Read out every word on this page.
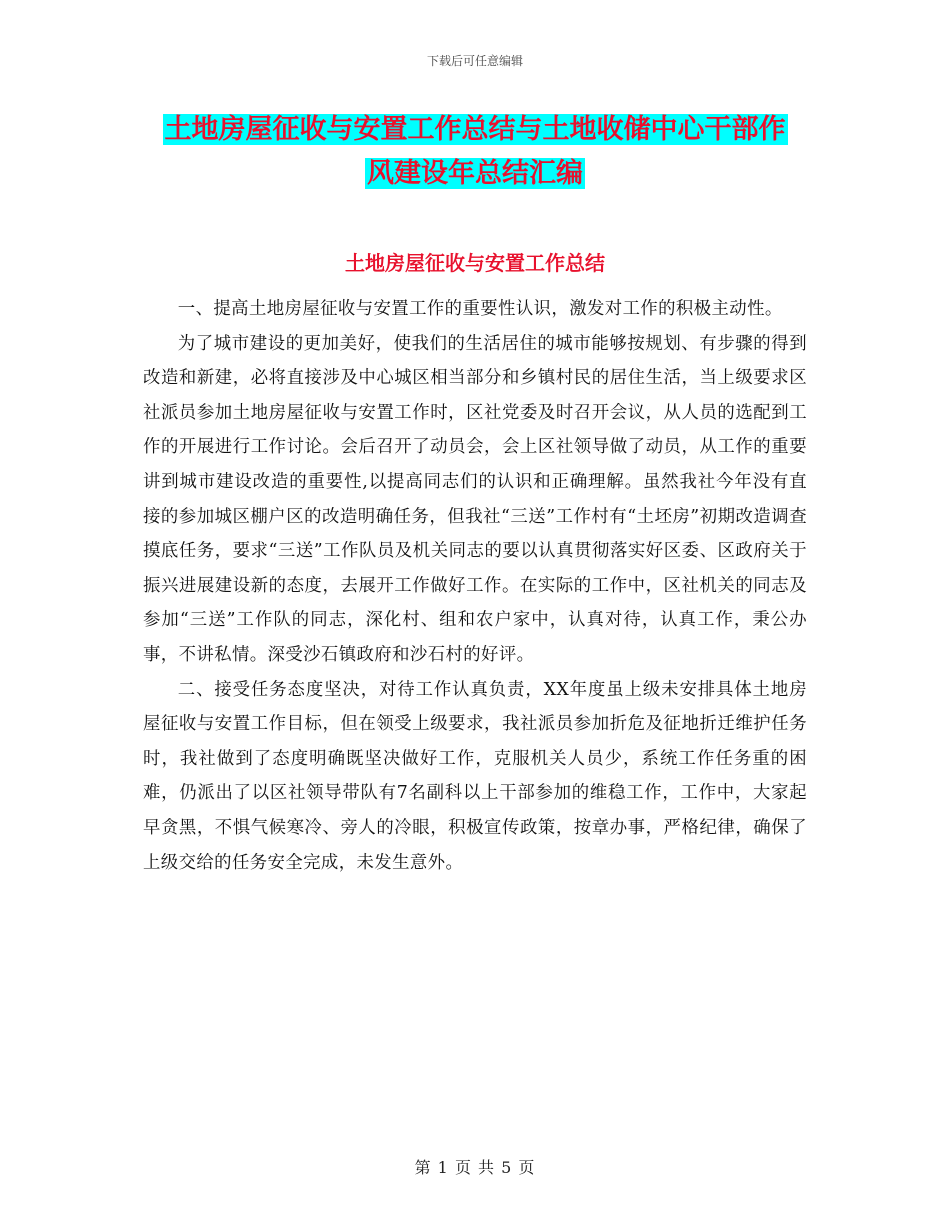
下载后可任意编辑
土地房屋征收与安置工作总结与土地收储中心干部作
风建设年总结汇编
土地房屋征收与安置工作总结

一、提高土地房屋征收与安置工作的重要性认识，激发对工作的积极主动性。

为了城市建设的更加美好，使我们的生活居住的城市能够按规划、有步骤的得到改造和新建，必将直接涉及中心城区相当部分和乡镇村民的居住生活，当上级要求区社派员参加土地房屋征收与安置工作时，区社党委及时召开会议，从人员的选配到工作的开展进行工作讨论。会后召开了动员会，会上区社领导做了动员，从工作的重要讲到城市建设改造的重要性,以提高同志们的认识和正确理解。虽然我社今年没有直接的参加城区棚户区的改造明确任务，但我社“三送”工作村有“土坯房”初期改造调查摸底任务，要求“三送”工作队员及机关同志的要以认真贯彻落实好区委、区政府关于振兴进展建设新的态度，去展开工作做好工作。在实际的工作中，区社机关的同志及参加“三送”工作队的同志，深化村、组和农户家中，认真对待，认真工作，秉公办事，不讲私情。深受沙石镇政府和沙石村的好评。

二、接受任务态度坚决，对待工作认真负责，XX年度虽上级未安排具体土地房屋征收与安置工作目标，但在领受上级要求，我社派员参加折危及征地折迁维护任务时，我社做到了态度明确既坚决做好工作，克服机关人员少，系统工作任务重的困难，仍派出了以区社领导带队有7名副科以上干部参加的维稳工作，工作中，大家起早贪黑，不惧气候寒冷、旁人的冷眼，积极宣传政策，按章办事，严格纪律，确保了上级交给的任务安全完成，未发生意外。

第 1 页 共 5 页
